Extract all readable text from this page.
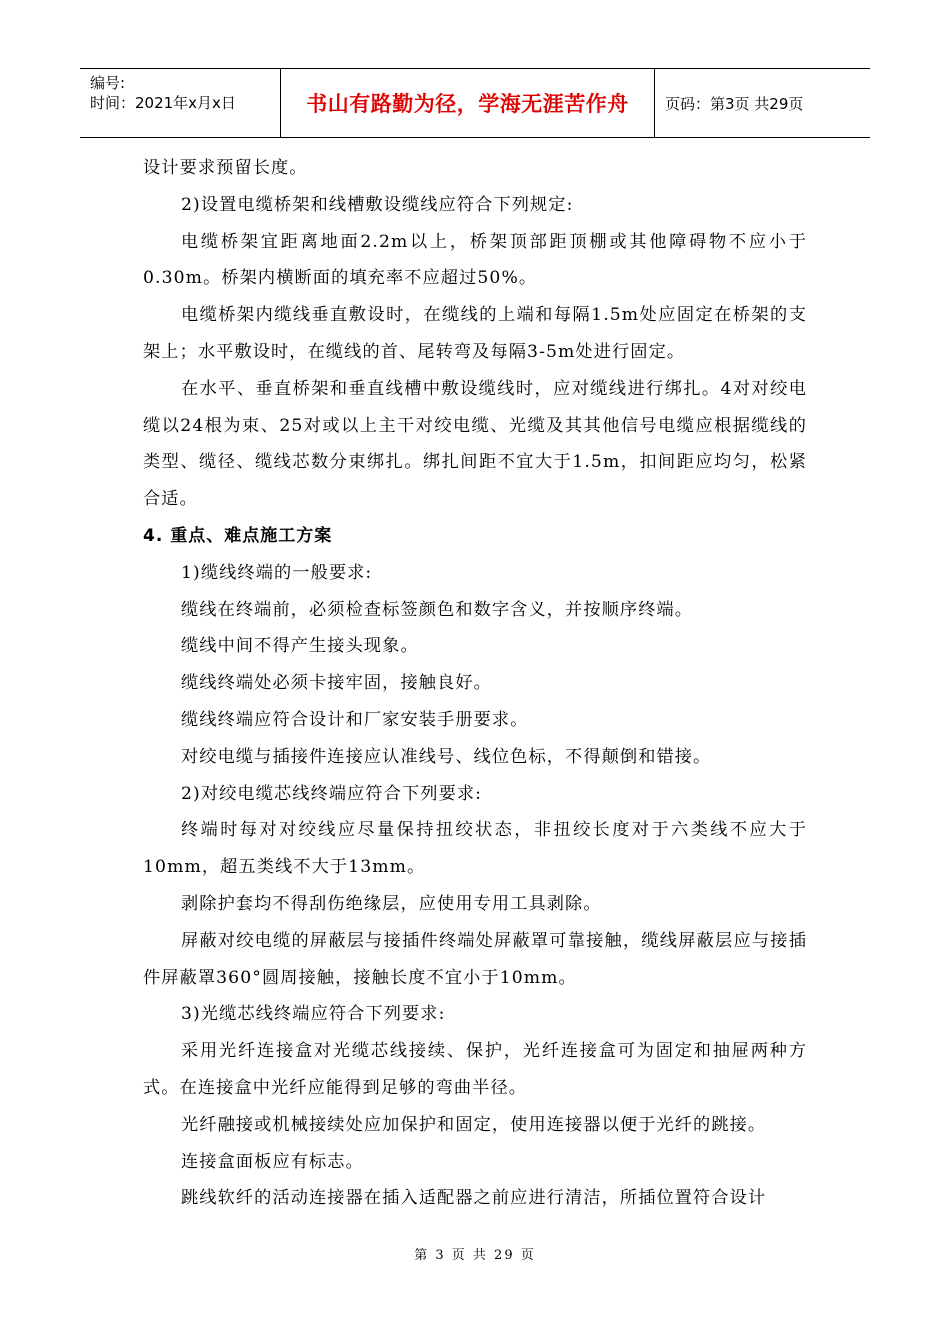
编号:
时间：2021年x月x日	书山有路勤为径，学海无涯苦作舟	页码：第3页 共29页

设计要求预留长度。

2)设置电缆桥架和线槽敷设缆线应符合下列规定:

电缆桥架宜距离地面2.2m以上，桥架顶部距顶棚或其他障碍物不应小于0.30m。桥架内横断面的填充率不应超过50%。

电缆桥架内缆线垂直敷设时，在缆线的上端和每隔1.5m处应固定在桥架的支架上；水平敷设时，在缆线的首、尾转弯及每隔3-5m处进行固定。

在水平、垂直桥架和垂直线槽中敷设缆线时，应对缆线进行绑扎。4对对绞电缆以24根为束、25对或以上主干对绞电缆、光缆及其其他信号电缆应根据缆线的类型、缆径、缆线芯数分束绑扎。绑扎间距不宜大于1.5m，扣间距应均匀，松紧合适。

4. 重点、难点施工方案

1)缆线终端的一般要求:

缆线在终端前，必须检查标签颜色和数字含义，并按顺序终端。

缆线中间不得产生接头现象。

缆线终端处必须卡接牢固，接触良好。

缆线终端应符合设计和厂家安装手册要求。

对绞电缆与插接件连接应认准线号、线位色标，不得颠倒和错接。

2)对绞电缆芯线终端应符合下列要求:

终端时每对对绞线应尽量保持扭绞状态，非扭绞长度对于六类线不应大于10mm，超五类线不大于13mm。

剥除护套均不得刮伤绝缘层，应使用专用工具剥除。

屏蔽对绞电缆的屏蔽层与接插件终端处屏蔽罩可靠接触，缆线屏蔽层应与接插件屏蔽罩360°圆周接触，接触长度不宜小于10mm。

3)光缆芯线终端应符合下列要求:

采用光纤连接盒对光缆芯线接续、保护，光纤连接盒可为固定和抽屉两种方式。在连接盒中光纤应能得到足够的弯曲半径。

光纤融接或机械接续处应加保护和固定，使用连接器以便于光纤的跳接。

连接盒面板应有标志。

跳线软纤的活动连接器在插入适配器之前应进行清洁，所插位置符合设计

第 3 页 共 29 页
